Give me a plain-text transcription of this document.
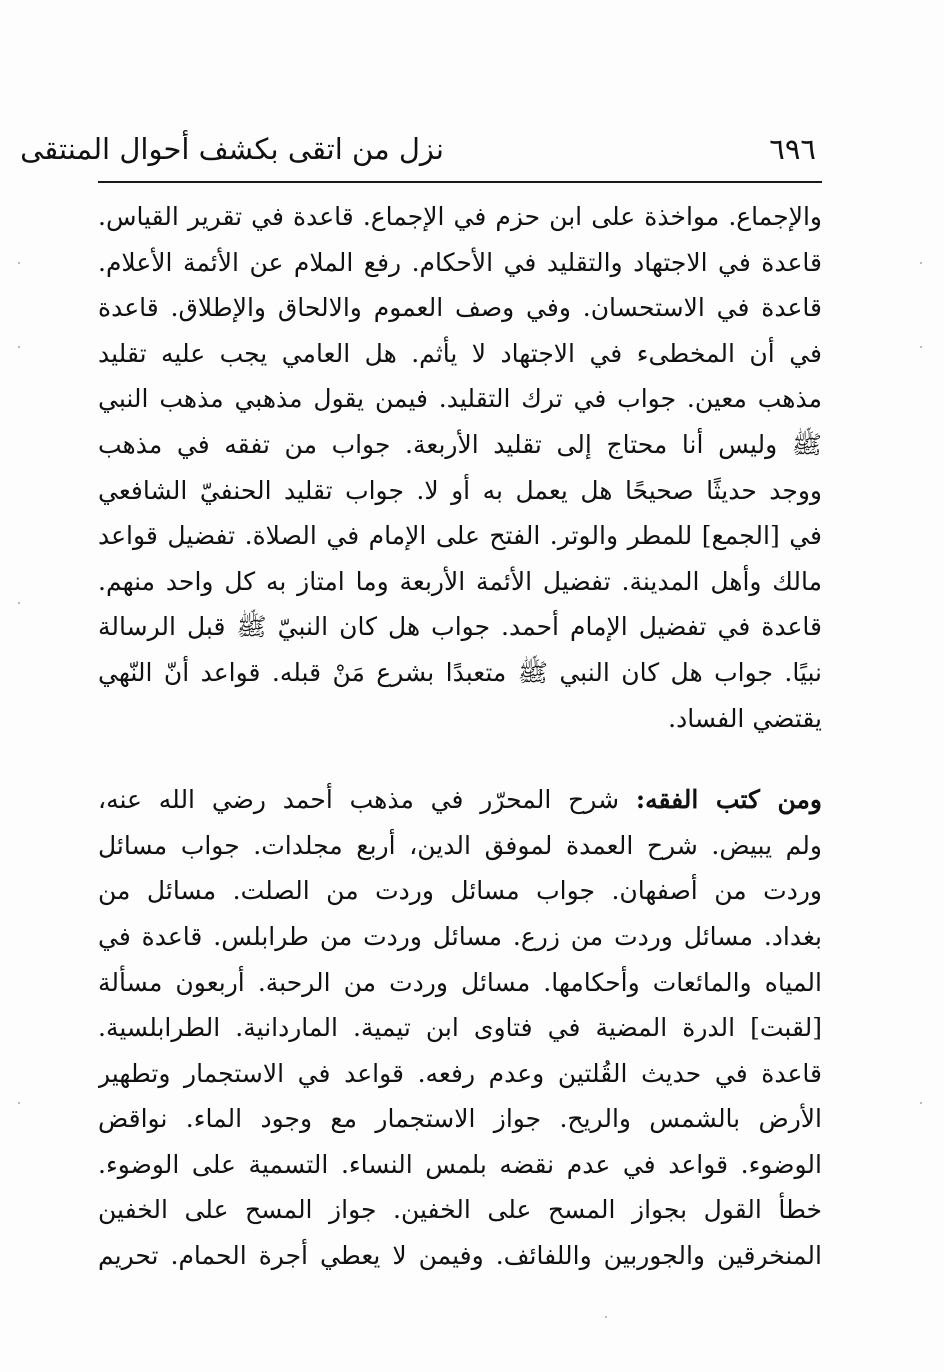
٦٩٦
نزل من اتقى بكشف أحوال المنتقى
والإجماع. مواخذة على ابن حزم في الإجماع. قاعدة في تقرير القياس.
قاعدة في الاجتهاد والتقليد في الأحكام. رفع الملام عن الأئمة الأعلام.
قاعدة في الاستحسان. وفي وصف العموم والالحاق والإطلاق. قاعدة
في أن المخطىء في الاجتهاد لا يأثم. هل العامي يجب عليه تقليد
مذهب معين. جواب في ترك التقليد. فيمن يقول مذهبي مذهب النبي
ﷺ وليس أنا محتاج إلى تقليد الأربعة. جواب من تفقه في مذهب
ووجد حديثًا صحيحًا هل يعمل به أو لا. جواب تقليد الحنفيّ الشافعي
في [الجمع] للمطر والوتر. الفتح على الإمام في الصلاة. تفضيل قواعد
مالك وأهل المدينة. تفضيل الأئمة الأربعة وما امتاز به كل واحد منهم.
قاعدة في تفضيل الإمام أحمد. جواب هل كان النبيّ ﷺ قبل الرسالة
نبيًا. جواب هل كان النبي ﷺ متعبدًا بشرع مَنْ قبله. قواعد أنّ النّهي
يقتضي الفساد.
ومن كتب الفقه: شرح المحرّر في مذهب أحمد رضي الله عنه،
ولم يبيض. شرح العمدة لموفق الدين، أربع مجلدات. جواب مسائل
وردت من أصفهان. جواب مسائل وردت من الصلت. مسائل من
بغداد. مسائل وردت من زرع. مسائل وردت من طرابلس. قاعدة في
المياه والمائعات وأحكامها. مسائل وردت من الرحبة. أربعون مسألة
[لقبت] الدرة المضية في فتاوى ابن تيمية. الماردانية. الطرابلسية.
قاعدة في حديث القُلتين وعدم رفعه. قواعد في الاستجمار وتطهير
الأرض بالشمس والريح. جواز الاستجمار مع وجود الماء. نواقض
الوضوء. قواعد في عدم نقضه بلمس النساء. التسمية على الوضوء.
خطأ القول بجواز المسح على الخفين. جواز المسح على الخفين
المنخرقين والجوربين واللفائف. وفيمن لا يعطي أجرة الحمام. تحريم
